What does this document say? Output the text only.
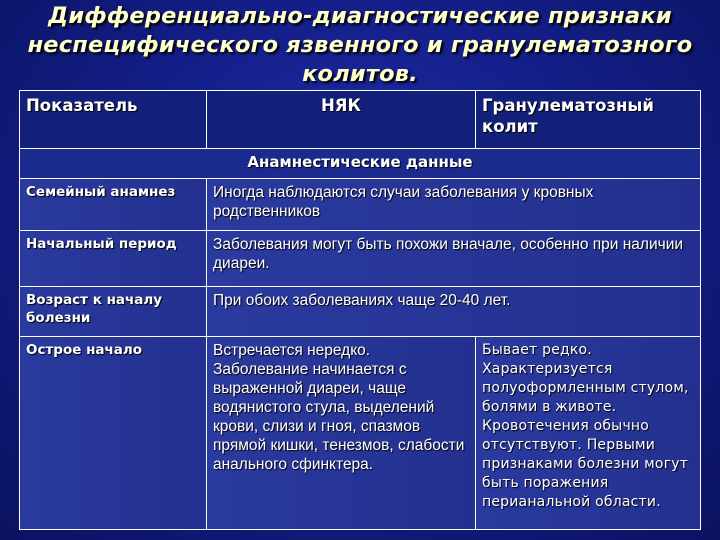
Дифференциально-диагностические признаки неспецифического язвенного и гранулематозного колитов.
Показатель	НЯК	Гранулематозный колит
Анамнестические данные		
Семейный анамнез	Иногда наблюдаются случаи заболевания у кровных родственников	
Начальный период	Заболевания могут быть похожи вначале, особенно при наличии диареи.	
Возраст к началу болезни	При обоих заболеваниях чаще 20-40 лет.	
Острое начало	Встречается нередко. Заболевание начинается с выраженной диареи, чаще водянистого стула, выделений крови, слизи и гноя, спазмов прямой кишки, тенезмов, слабости анального сфинктера.	Бывает редко. Характеризуется полуоформленным стулом, болями в животе. Кровотечения обычно отсутствуют. Первыми признаками болезни могут быть поражения перианальной области.
